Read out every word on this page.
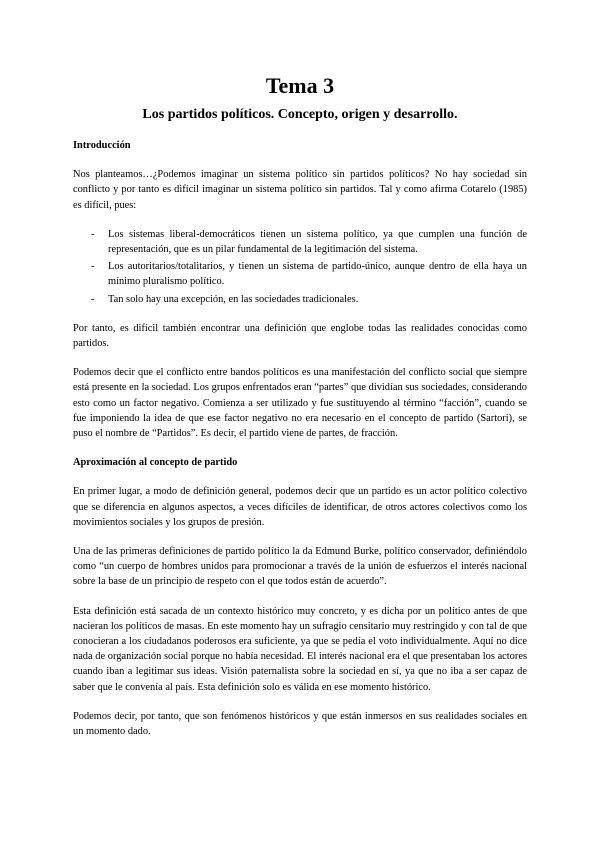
Tema 3
Los partidos políticos. Concepto, origen y desarrollo.
Introducción

Nos planteamos…¿Podemos imaginar un sistema político sin partidos políticos? No hay sociedad sin conflicto y por tanto es difícil imaginar un sistema político sin partidos. Tal y como afirma Cotarelo (1985) es difícil, pues:

- Los sistemas liberal-democráticos tienen un sistema político, ya que cumplen una función de representación, que es un pilar fundamental de la legitimación del sistema.
- Los autoritarios/totalitarios, y tienen un sistema de partido-único, aunque dentro de ella haya un mínimo pluralismo político.
- Tan solo hay una excepción, en las sociedades tradicionales.

Por tanto, es difícil también encontrar una definición que englobe todas las realidades conocidas como partidos.

Podemos decir que el conflicto entre bandos políticos es una manifestación del conflicto social que siempre está presente en la sociedad. Los grupos enfrentados eran “partes” que dividían sus sociedades, considerando esto como un factor negativo. Comienza a ser utilizado y fue sustituyendo al término “facción”, cuando se fue imponiendo la idea de que ese factor negativo no era necesario en el concepto de partido (Sartori), se puso el nombre de “Partidos”. Es decir, el partido viene de partes, de fracción.

Aproximación al concepto de partido

En primer lugar, a modo de definición general, podemos decir que un partido es un actor político colectivo que se diferencia en algunos aspectos, a veces difíciles de identificar, de otros actores colectivos como los movimientos sociales y los grupos de presión.

Una de las primeras definiciones de partido político la da Edmund Burke, político conservador, definiéndolo como “un cuerpo de hombres unidos para promocionar a través de la unión de esfuerzos el interés nacional sobre la base de un principio de respeto con el que todos están de acuerdo”.

Esta definición está sacada de un contexto histórico muy concreto, y es dicha por un político antes de que nacieran los políticos de masas. En este momento hay un sufragio censitario muy restringido y con tal de que conocieran a los ciudadanos poderosos era suficiente, ya que se pedía el voto individualmente. Aquí no dice nada de organización social porque no había necesidad. El interés nacional era el que presentaban los actores cuando iban a legitimar sus ideas. Visión paternalista sobre la sociedad en sí, ya que no iba a ser capaz de saber que le convenía al país. Esta definición solo es válida en ese momento histórico.

Podemos decir, por tanto, que son fenómenos históricos y que están inmersos en sus realidades sociales en un momento dado.
